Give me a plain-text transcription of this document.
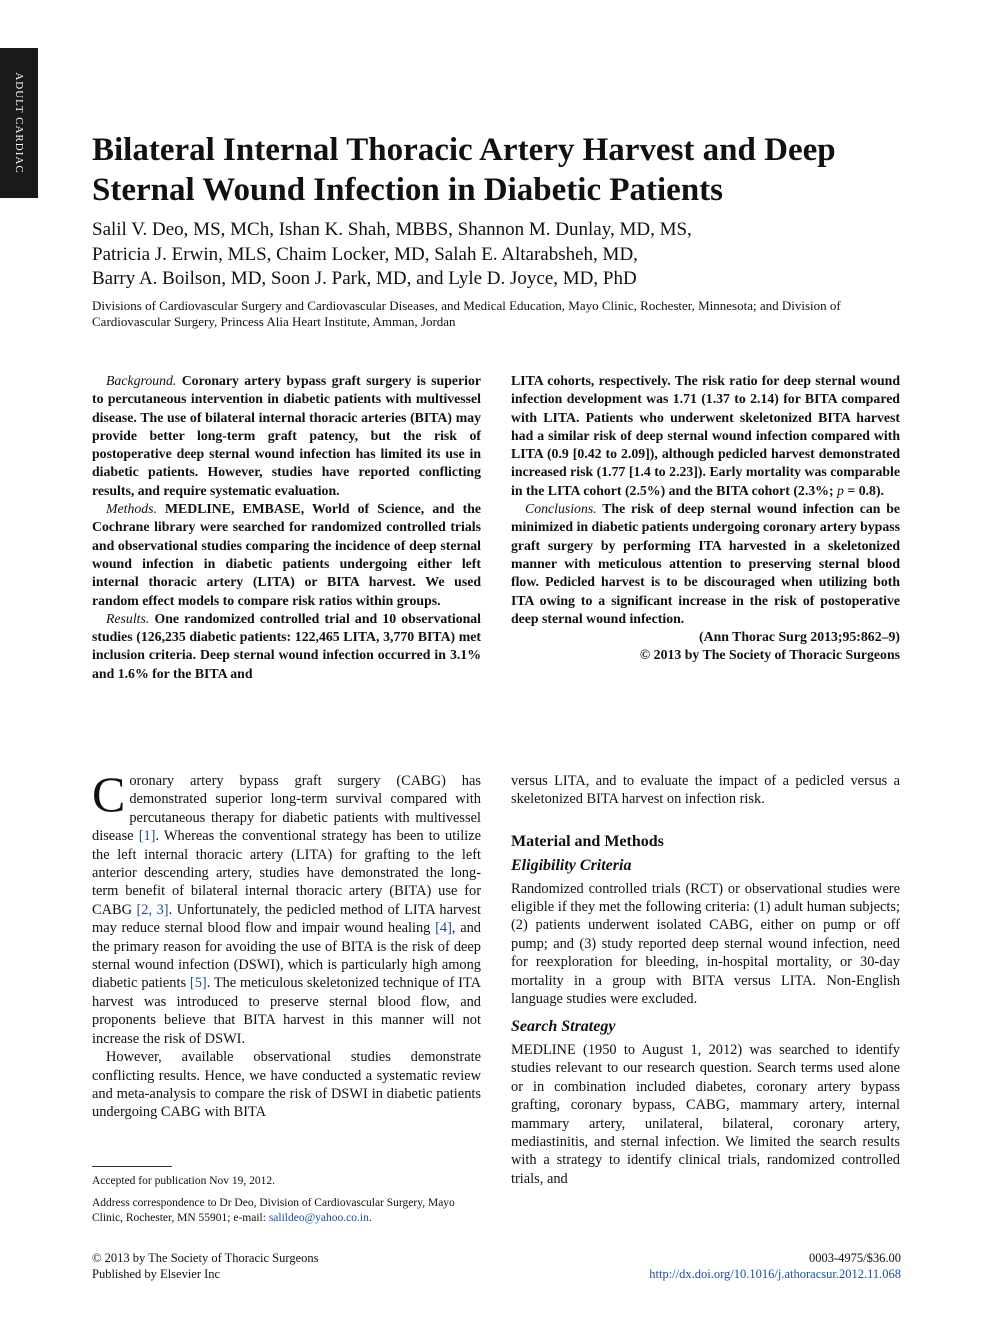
ADULT CARDIAC Bilateral Internal Thoracic Artery Harvest and Deep Sternal Wound Infection in Diabetic Patients
Salil V. Deo, MS, MCh, Ishan K. Shah, MBBS, Shannon M. Dunlay, MD, MS,
Patricia J. Erwin, MLS, Chaim Locker, MD, Salah E. Altarabsheh, MD,
Barry A. Boilson, MD, Soon J. Park, MD, and Lyle D. Joyce, MD, PhD

Divisions of Cardiovascular Surgery and Cardiovascular Diseases, and Medical Education, Mayo Clinic, Rochester, Minnesota; and Division of Cardiovascular Surgery, Princess Alia Heart Institute, Amman, Jordan

Background. Coronary artery bypass graft surgery is superior to percutaneous intervention in diabetic patients with multivessel disease. The use of bilateral internal thoracic arteries (BITA) may provide better long-term graft patency, but the risk of postoperative deep sternal wound infection has limited its use in diabetic patients. However, studies have reported conflicting results, and require systematic evaluation.

Methods. MEDLINE, EMBASE, World of Science, and the Cochrane library were searched for randomized controlled trials and observational studies comparing the incidence of deep sternal wound infection in diabetic patients undergoing either left internal thoracic artery (LITA) or BITA harvest. We used random effect models to compare risk ratios within groups.

Results. One randomized controlled trial and 10 observational studies (126,235 diabetic patients: 122,465 LITA, 3,770 BITA) met inclusion criteria. Deep sternal wound infection occurred in 3.1% and 1.6% for the BITA and

LITA cohorts, respectively. The risk ratio for deep sternal wound infection development was 1.71 (1.37 to 2.14) for BITA compared with LITA. Patients who underwent skeletonized BITA harvest had a similar risk of deep sternal wound infection compared with LITA (0.9 [0.42 to 2.09]), although pedicled harvest demonstrated increased risk (1.77 [1.4 to 2.23]). Early mortality was comparable in the LITA cohort (2.5%) and the BITA cohort (2.3%; p = 0.8).

Conclusions. The risk of deep sternal wound infection can be minimized in diabetic patients undergoing coronary artery bypass graft surgery by performing ITA harvested in a skeletonized manner with meticulous attention to preserving sternal blood flow. Pedicled harvest is to be discouraged when utilizing both ITA owing to a significant increase in the risk of postoperative deep sternal wound infection.

(Ann Thorac Surg 2013;95:862–9)
© 2013 by The Society of Thoracic Surgeons

Coronary artery bypass graft surgery (CABG) has demonstrated superior long-term survival compared with percutaneous therapy for diabetic patients with multivessel disease [1]. Whereas the conventional strategy has been to utilize the left internal thoracic artery (LITA) for grafting to the left anterior descending artery, studies have demonstrated the long-term benefit of bilateral internal thoracic artery (BITA) use for CABG [2, 3]. Unfortunately, the pedicled method of LITA harvest may reduce sternal blood flow and impair wound healing [4], and the primary reason for avoiding the use of BITA is the risk of deep sternal wound infection (DSWI), which is particularly high among diabetic patients [5]. The meticulous skeletonized technique of ITA harvest was introduced to preserve sternal blood flow, and proponents believe that BITA harvest in this manner will not increase the risk of DSWI.

However, available observational studies demonstrate conflicting results. Hence, we have conducted a systematic review and meta-analysis to compare the risk of DSWI in diabetic patients undergoing CABG with BITA

versus LITA, and to evaluate the impact of a pedicled versus a skeletonized BITA harvest on infection risk.

Material and Methods
Eligibility Criteria

Randomized controlled trials (RCT) or observational studies were eligible if they met the following criteria: (1) adult human subjects; (2) patients underwent isolated CABG, either on pump or off pump; and (3) study reported deep sternal wound infection, need for reexploration for bleeding, in-hospital mortality, or 30-day mortality in a group with BITA versus LITA. Non-English language studies were excluded.

Search Strategy

MEDLINE (1950 to August 1, 2012) was searched to identify studies relevant to our research question. Search terms used alone or in combination included diabetes, coronary artery bypass grafting, coronary bypass, CABG, mammary artery, internal mammary artery, unilateral, bilateral, coronary artery, mediastinitis, and sternal infection. We limited the search results with a strategy to identify clinical trials, randomized controlled trials, and

Accepted for publication Nov 19, 2012.

Address correspondence to Dr Deo, Division of Cardiovascular Surgery, Mayo Clinic, Rochester, MN 55901; e-mail: salildeo@yahoo.co.in.

© 2013 by The Society of Thoracic Surgeons
Published by Elsevier Inc
0003-4975/$36.00
http://dx.doi.org/10.1016/j.athoracsur.2012.11.068
